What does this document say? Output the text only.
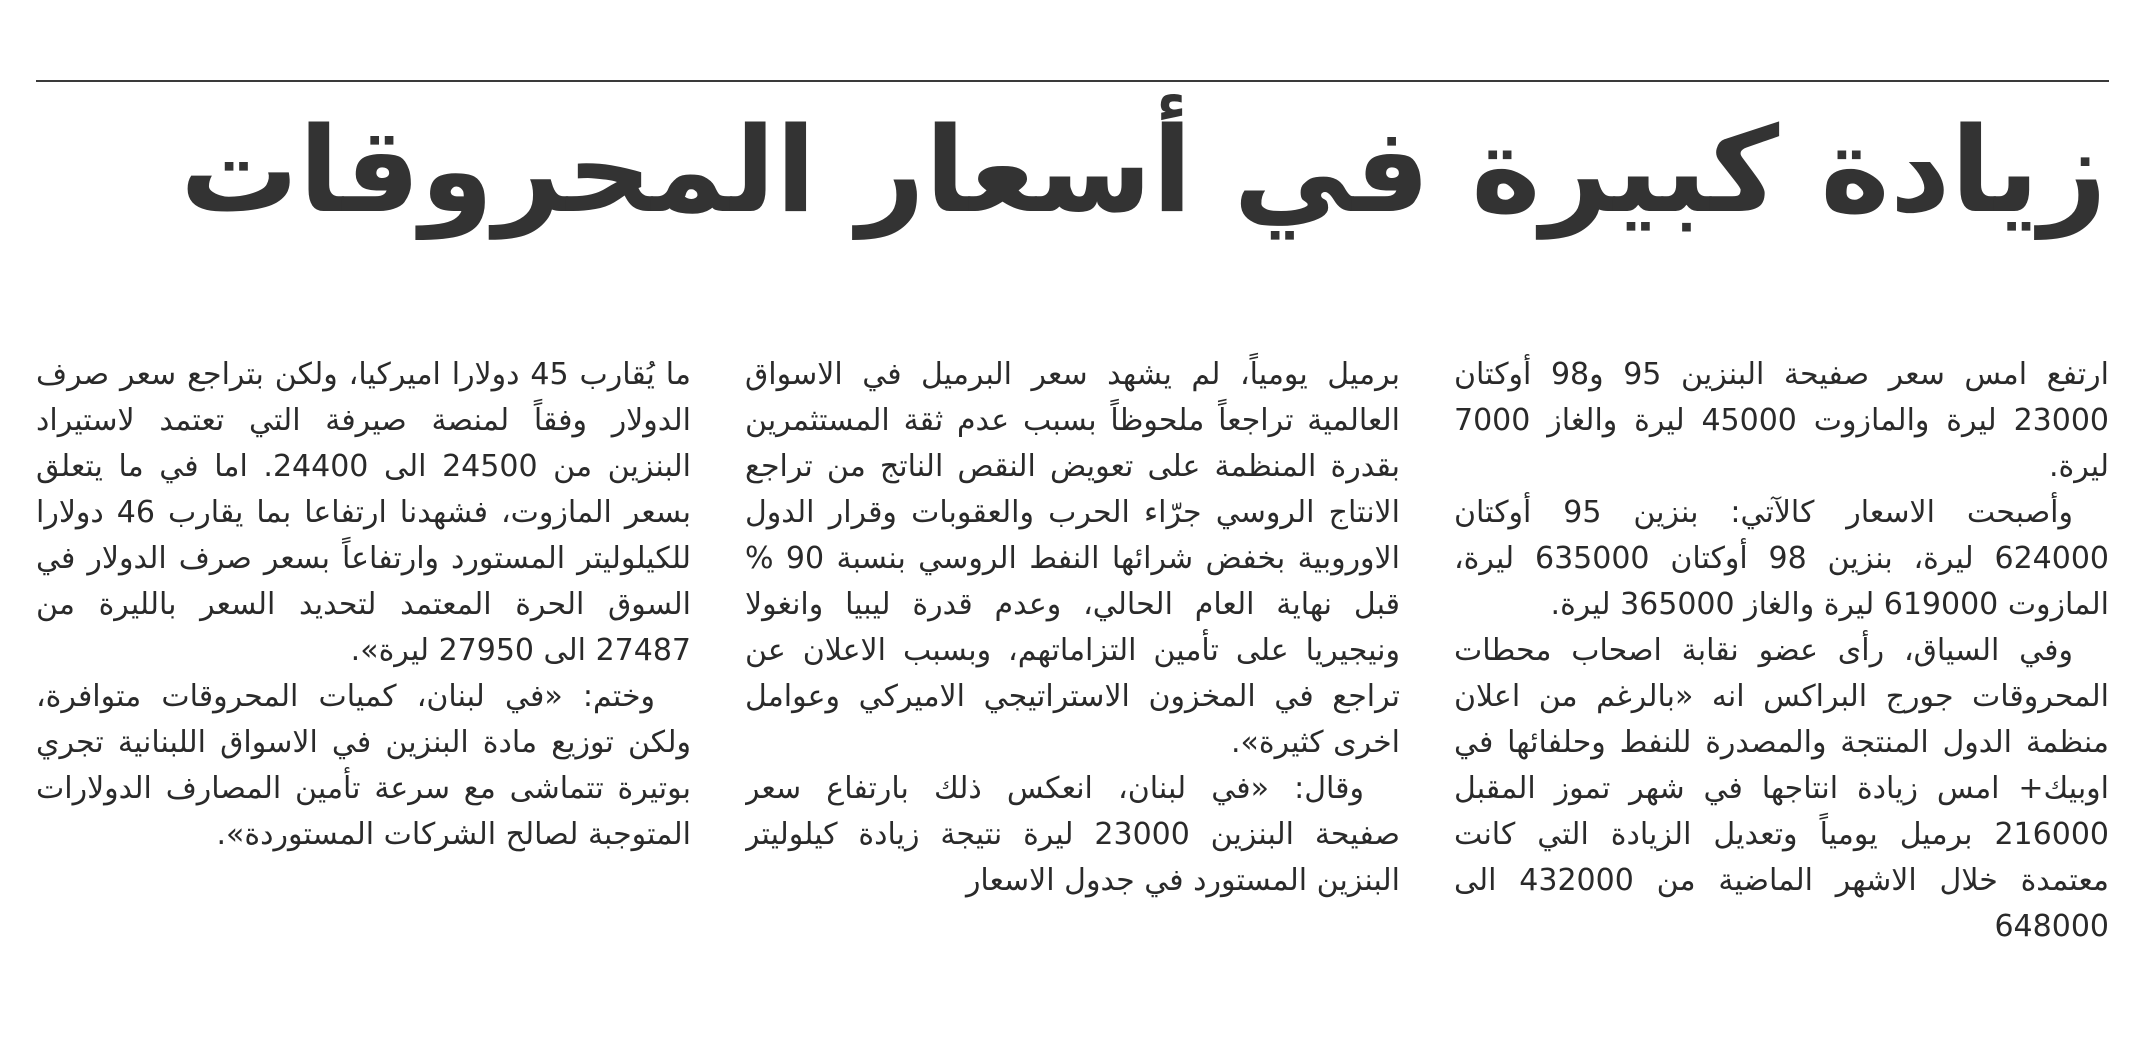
زيادة كبيرة في أسعار المحروقات

ارتفع امس سعر صفيحة البنزين 95 و98 أوكتان 23000 ليرة والمازوت 45000 ليرة والغاز 7000 ليرة.

وأصبحت الاسعار كالآتي: بنزين 95 أوكتان 624000 ليرة، بنزين 98 أوكتان 635000 ليرة، المازوت 619000 ليرة والغاز 365000 ليرة.

وفي السياق، رأى عضو نقابة اصحاب محطات المحروقات جورج البراكس انه «بالرغم من اعلان منظمة الدول المنتجة والمصدرة للنفط وحلفائها في اوبيك+ امس زيادة انتاجها في شهر تموز المقبل 216000 برميل يومياً وتعديل الزيادة التي كانت معتمدة خلال الاشهر الماضية من 432000 الى 648000

برميل يومياً، لم يشهد سعر البرميل في الاسواق العالمية تراجعاً ملحوظاً بسبب عدم ثقة المستثمرين بقدرة المنظمة على تعويض النقص الناتج من تراجع الانتاج الروسي جرّاء الحرب والعقوبات وقرار الدول الاوروبية بخفض شرائها النفط الروسي بنسبة 90 % قبل نهاية العام الحالي، وعدم قدرة ليبيا وانغولا ونيجيريا على تأمين التزاماتهم، وبسبب الاعلان عن تراجع في المخزون الاستراتيجي الاميركي وعوامل اخرى كثيرة».

وقال: «في لبنان، انعكس ذلك بارتفاع سعر صفيحة البنزين 23000 ليرة نتيجة زيادة كيلوليتر البنزين المستورد في جدول الاسعار

ما يُقارب 45 دولارا اميركيا، ولكن بتراجع سعر صرف الدولار وفقاً لمنصة صيرفة التي تعتمد لاستيراد البنزين من 24500 الى 24400. اما في ما يتعلق بسعر المازوت، فشهدنا ارتفاعا بما يقارب 46 دولارا للكيلوليتر المستورد وارتفاعاً بسعر صرف الدولار في السوق الحرة المعتمد لتحديد السعر بالليرة من 27487 الى 27950 ليرة».

وختم: «في لبنان، كميات المحروقات متوافرة، ولكن توزيع مادة البنزين في الاسواق اللبنانية تجري بوتيرة تتماشى مع سرعة تأمين المصارف الدولارات المتوجبة لصالح الشركات المستوردة».
